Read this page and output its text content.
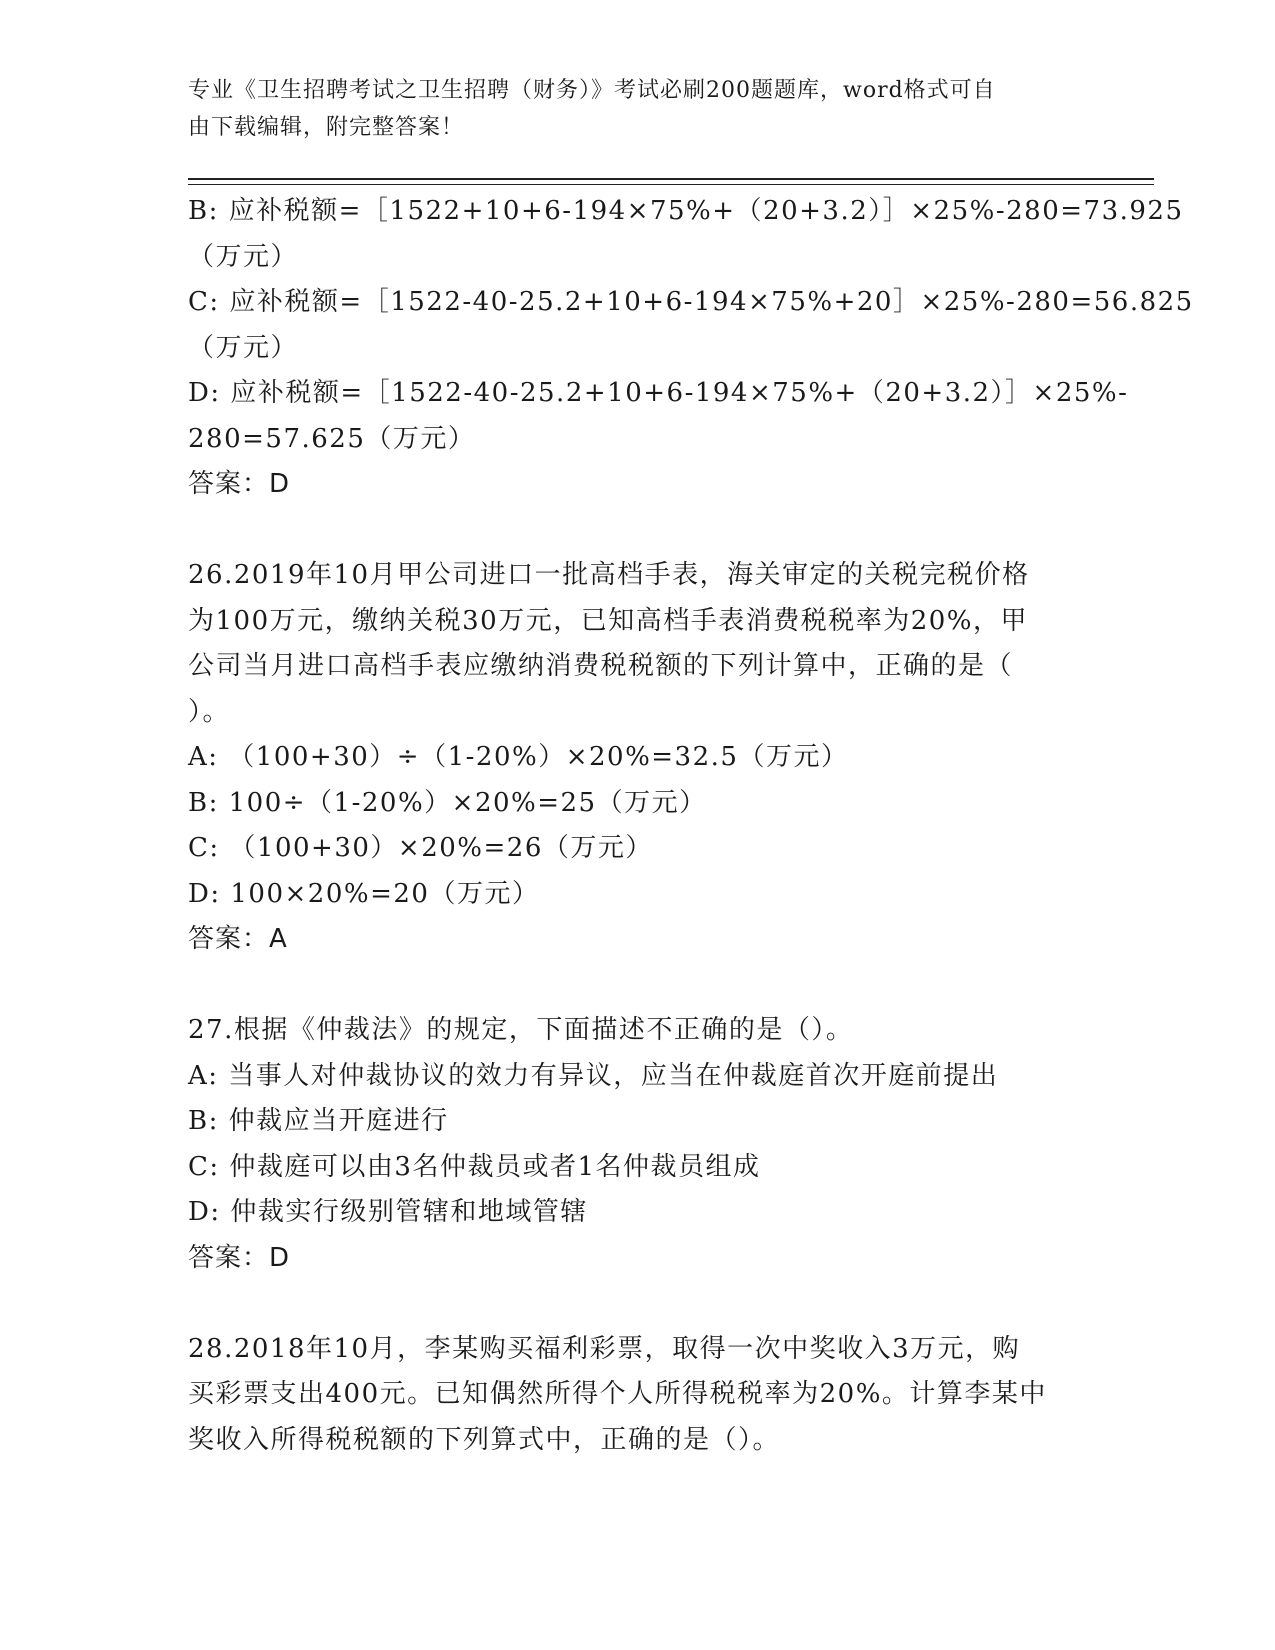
专业《卫生招聘考试之卫生招聘（财务）》考试必刷200题题库，word格式可自
由下载编辑，附完整答案！
B: 应补税额=［1522+10+6-194×75%+（20+3.2）］×25%-280=73.925
（万元）
C: 应补税额=［1522-40-25.2+10+6-194×75%+20］×25%-280=56.825
（万元）
D: 应补税额=［1522-40-25.2+10+6-194×75%+（20+3.2）］×25%-
280=57.625（万元）
答案：D
26.2019年10月甲公司进口一批高档手表，海关审定的关税完税价格
为100万元，缴纳关税30万元，已知高档手表消费税税率为20%，甲
公司当月进口高档手表应缴纳消费税税额的下列计算中，正确的是（
）。
A: （100+30）÷（1-20%）×20%=32.5（万元）
B: 100÷（1-20%）×20%=25（万元）
C: （100+30）×20%=26（万元）
D: 100×20%=20（万元）
答案：A
27.根据《仲裁法》的规定，下面描述不正确的是（）。
A: 当事人对仲裁协议的效力有异议，应当在仲裁庭首次开庭前提出
B: 仲裁应当开庭进行
C: 仲裁庭可以由3名仲裁员或者1名仲裁员组成
D: 仲裁实行级别管辖和地域管辖
答案：D
28.2018年10月，李某购买福利彩票，取得一次中奖收入3万元，购
买彩票支出400元。已知偶然所得个人所得税税率为20%。计算李某中
奖收入所得税税额的下列算式中，正确的是（）。
